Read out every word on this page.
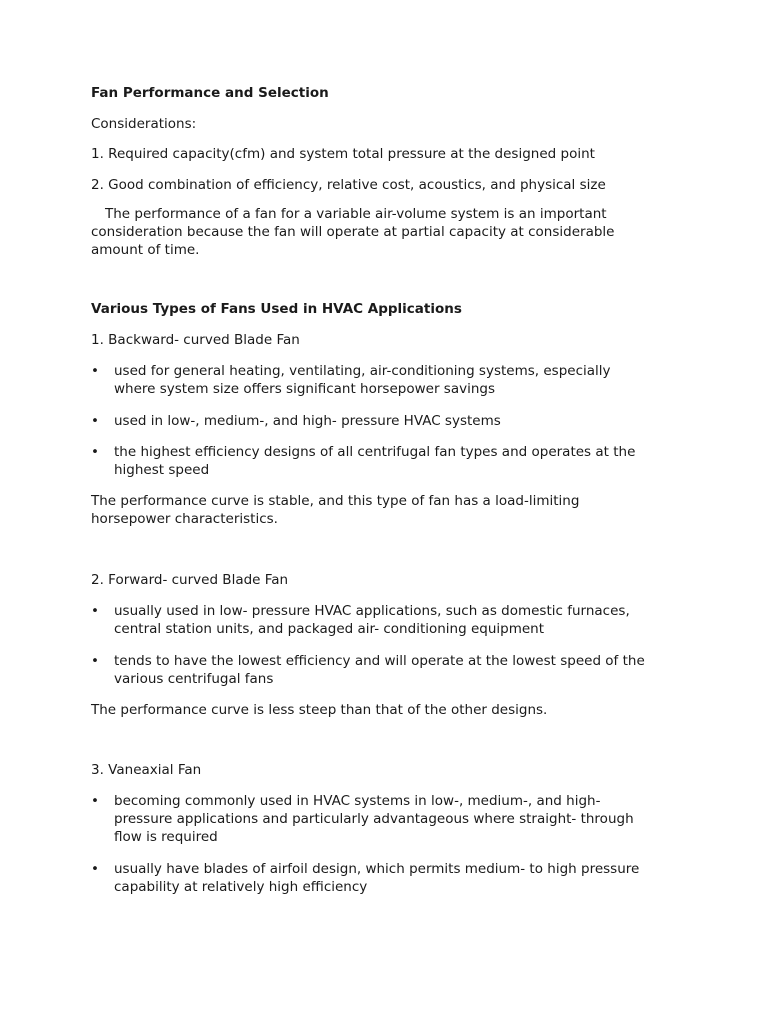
Fan Performance and Selection

Considerations:

1. Required capacity(cfm) and system total pressure at the designed point

2. Good combination of efficiency, relative cost, acoustics, and physical size

The performance of a fan for a variable air-volume system is an important

consideration because the fan will operate at partial capacity at considerable

amount of time.

Various Types of Fans Used in HVAC Applications

1. Backward- curved Blade Fan

• used for general heating, ventilating, air-conditioning systems, especially
where system size offers significant horsepower savings
• used in low-, medium-, and high- pressure HVAC systems
• the highest efficiency designs of all centrifugal fan types and operates at the
highest speed

The performance curve is stable, and this type of fan has a load-limiting

horsepower characteristics.

2. Forward- curved Blade Fan

• usually used in low- pressure HVAC applications, such as domestic furnaces,
central station units, and packaged air- conditioning equipment
• tends to have the lowest efficiency and will operate at the lowest speed of the
various centrifugal fans

The performance curve is less steep than that of the other designs.

3. Vaneaxial Fan

• becoming commonly used in HVAC systems in low-, medium-, and high-
pressure applications and particularly advantageous where straight- through
flow is required
• usually have blades of airfoil design, which permits medium- to high pressure
capability at relatively high efficiency
